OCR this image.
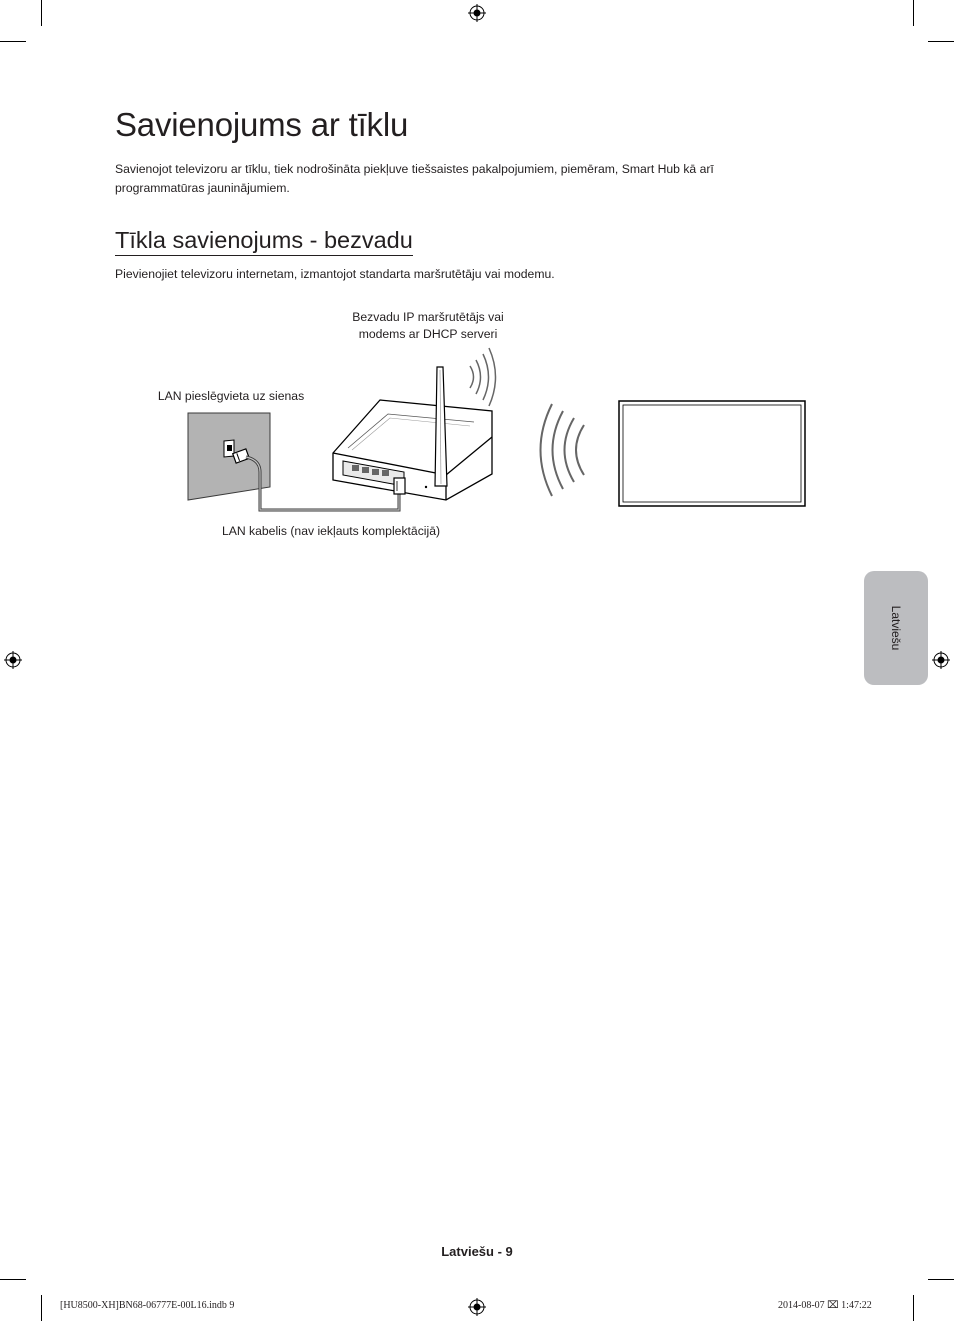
Savienojums ar tīklu
Savienojot televizoru ar tīklu, tiek nodrošināta piekļuve tiešsaistes pakalpojumiem, piemēram, Smart Hub kā arī programmatūras jauninājumiem.
Tīkla savienojums - bezvadu
Pievienojiet televizoru internetam, izmantojot standarta maršrutētāju vai modemu.
Bezvadu IP maršrutētājs vai modems ar DHCP serveri
LAN pieslēgvieta uz sienas
LAN kabelis (nav iekļauts komplektācijā)
Latviešu
Latviešu - 9
[HU8500-XH]BN68-06777E-00L16.indb 9	2014-08-07 ⌧ 1:47:22
